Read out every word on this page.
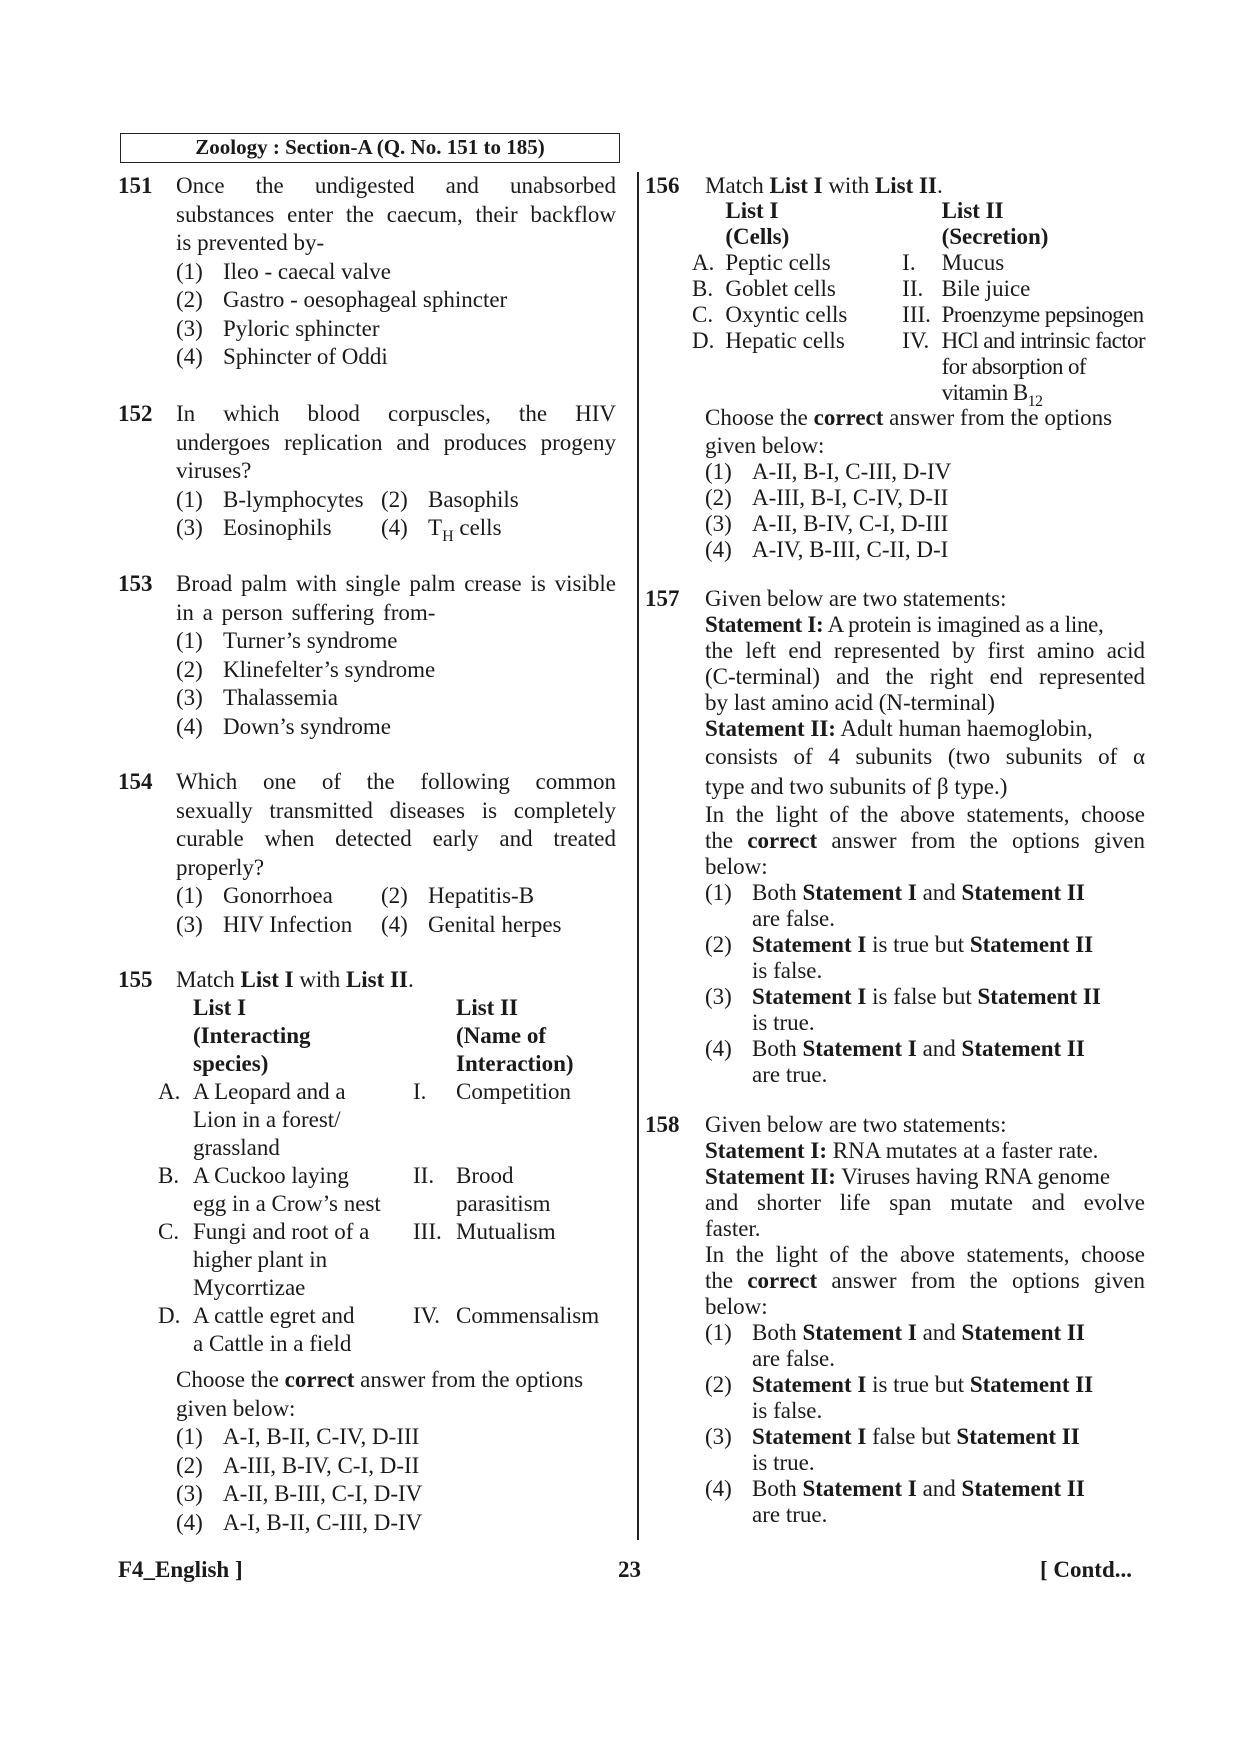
Zoology : Section-A (Q. No. 151 to 185)
151 Once the undigested and unabsorbed
substances enter the caecum, their backflow
is prevented by-
(1) Ileo - caecal valve
(2) Gastro - oesophageal sphincter
(3) Pyloric sphincter
(4) Sphincter of Oddi
152 In which blood corpuscles, the HIV
undergoes replication and produces progeny
viruses?
(1) B-lymphocytes (2) Basophils
(3) Eosinophils	(4) $T_H$ cells
153 Broad palm with single palm crease is visible
in a person suffering from-
(1) Turner’s syndrome
(2) Klinefelter’s syndrome
(3) Thalassemia
(4) Down’s syndrome
154 Which one of the following common
sexually transmitted diseases is completely
curable when detected early and treated
properly?
(1) Gonorrhoea	(2) Hepatitis-B
(3) HIV Infection	(4) Genital herpes
155 Match List I with List II.

	List I
(Interacting
species)		List II
(Name of
Interaction)

A.	A Leopard and a
Lion in a forest/
grassland	I.	Competition

B.	A Cuckoo laying
egg in a Crow’s nest	II.	Brood
parasitism

C.	Fungi and root of a
higher plant in
Mycorrtizae	III.	Mutualism

D.	A cattle egret and
a Cattle in a field	IV.	Commensalism
Choose the correct answer from the options
given below:
(1) A-I, B-II, C-IV, D-III
(2) A-III, B-IV, C-I, D-II
(3) A-II, B-III, C-I, D-IV
(4) A-I, B-II, C-III, D-IV
156 Match List I with List II.

	List I
(Cells)		List II
(Secretion)

A.	Peptic cells	I.	Mucus

B.	Goblet cells	II.	Bile juice

C.	Oxyntic cells	III.	Proenzyme pepsinogen

D.	Hepatic cells	IV.	HCl and intrinsic factor
for absorption of
vitamin $B_{12}$
Choose the correct answer from the options
given below:
(1) A-II, B-I, C-III, D-IV
(2) A-III, B-I, C-IV, D-II
(3) A-II, B-IV, C-I, D-III
(4) A-IV, B-III, C-II, D-I
157 Given below are two statements:
Statement I: A protein is imagined as a line,
the left end represented by first amino acid
(C-terminal) and the right end represented
by last amino acid (N-terminal)
Statement II: Adult human haemoglobin,
consists of 4 subunits (two subunits of α
type and two subunits of β type.)
In the light of the above statements, choose
the correct answer from the options given
below:
(1) Both Statement I and Statement II
are false.
(2) Statement I is true but Statement II
is false.
(3) Statement I is false but Statement II
is true.
(4) Both Statement I and Statement II
are true.
158 Given below are two statements:
Statement I: RNA mutates at a faster rate.
Statement II: Viruses having RNA genome
and shorter life span mutate and evolve
faster.
In the light of the above statements, choose
the correct answer from the options given
below:
(1) Both Statement I and Statement II
are false.
(2) Statement I is true but Statement II
is false.
(3) Statement I false but Statement II
is true.
(4) Both Statement I and Statement II
are true.
F4_English ]	23	[ Contd...
